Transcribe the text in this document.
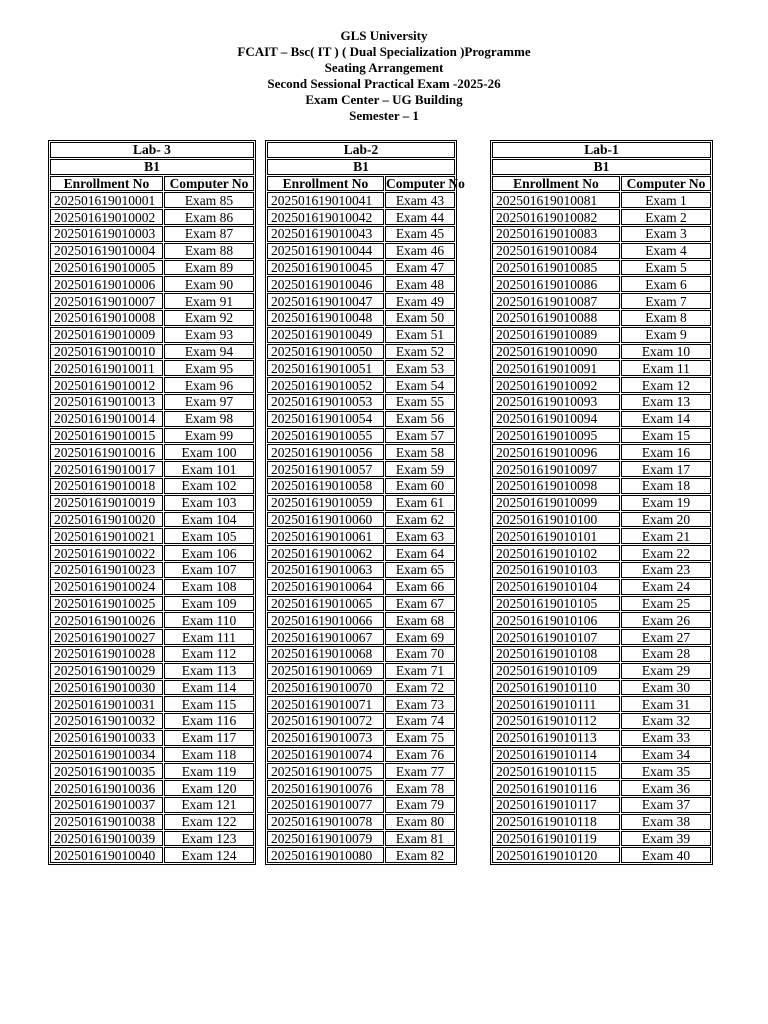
GLS University
FCAIT – Bsc( IT ) ( Dual Specialization )Programme
Seating Arrangement
Second Sessional Practical Exam -2025-26
Exam Center – UG Building
Semester – 1
Lab- 3	
B1	
Enrollment No	Computer No
202501619010001	Exam 85
202501619010002	Exam 86
202501619010003	Exam 87
202501619010004	Exam 88
202501619010005	Exam 89
202501619010006	Exam 90
202501619010007	Exam 91
202501619010008	Exam 92
202501619010009	Exam 93
202501619010010	Exam 94
202501619010011	Exam 95
202501619010012	Exam 96
202501619010013	Exam 97
202501619010014	Exam 98
202501619010015	Exam 99
202501619010016	Exam 100
202501619010017	Exam 101
202501619010018	Exam 102
202501619010019	Exam 103
202501619010020	Exam 104
202501619010021	Exam 105
202501619010022	Exam 106
202501619010023	Exam 107
202501619010024	Exam 108
202501619010025	Exam 109
202501619010026	Exam 110
202501619010027	Exam 111
202501619010028	Exam 112
202501619010029	Exam 113
202501619010030	Exam 114
202501619010031	Exam 115
202501619010032	Exam 116
202501619010033	Exam 117
202501619010034	Exam 118
202501619010035	Exam 119
202501619010036	Exam 120
202501619010037	Exam 121
202501619010038	Exam 122
202501619010039	Exam 123
202501619010040	Exam 124
Lab-2	
B1	
Enrollment No	Computer No
202501619010041	Exam 43
202501619010042	Exam 44
202501619010043	Exam 45
202501619010044	Exam 46
202501619010045	Exam 47
202501619010046	Exam 48
202501619010047	Exam 49
202501619010048	Exam 50
202501619010049	Exam 51
202501619010050	Exam 52
202501619010051	Exam 53
202501619010052	Exam 54
202501619010053	Exam 55
202501619010054	Exam 56
202501619010055	Exam 57
202501619010056	Exam 58
202501619010057	Exam 59
202501619010058	Exam 60
202501619010059	Exam 61
202501619010060	Exam 62
202501619010061	Exam 63
202501619010062	Exam 64
202501619010063	Exam 65
202501619010064	Exam 66
202501619010065	Exam 67
202501619010066	Exam 68
202501619010067	Exam 69
202501619010068	Exam 70
202501619010069	Exam 71
202501619010070	Exam 72
202501619010071	Exam 73
202501619010072	Exam 74
202501619010073	Exam 75
202501619010074	Exam 76
202501619010075	Exam 77
202501619010076	Exam 78
202501619010077	Exam 79
202501619010078	Exam 80
202501619010079	Exam 81
202501619010080	Exam 82
Lab-1	
B1	
Enrollment No	Computer No
202501619010081	Exam 1
202501619010082	Exam 2
202501619010083	Exam 3
202501619010084	Exam 4
202501619010085	Exam 5
202501619010086	Exam 6
202501619010087	Exam 7
202501619010088	Exam 8
202501619010089	Exam 9
202501619010090	Exam 10
202501619010091	Exam 11
202501619010092	Exam 12
202501619010093	Exam 13
202501619010094	Exam 14
202501619010095	Exam 15
202501619010096	Exam 16
202501619010097	Exam 17
202501619010098	Exam 18
202501619010099	Exam 19
202501619010100	Exam 20
202501619010101	Exam 21
202501619010102	Exam 22
202501619010103	Exam 23
202501619010104	Exam 24
202501619010105	Exam 25
202501619010106	Exam 26
202501619010107	Exam 27
202501619010108	Exam 28
202501619010109	Exam 29
202501619010110	Exam 30
202501619010111	Exam 31
202501619010112	Exam 32
202501619010113	Exam 33
202501619010114	Exam 34
202501619010115	Exam 35
202501619010116	Exam 36
202501619010117	Exam 37
202501619010118	Exam 38
202501619010119	Exam 39
202501619010120	Exam 40
